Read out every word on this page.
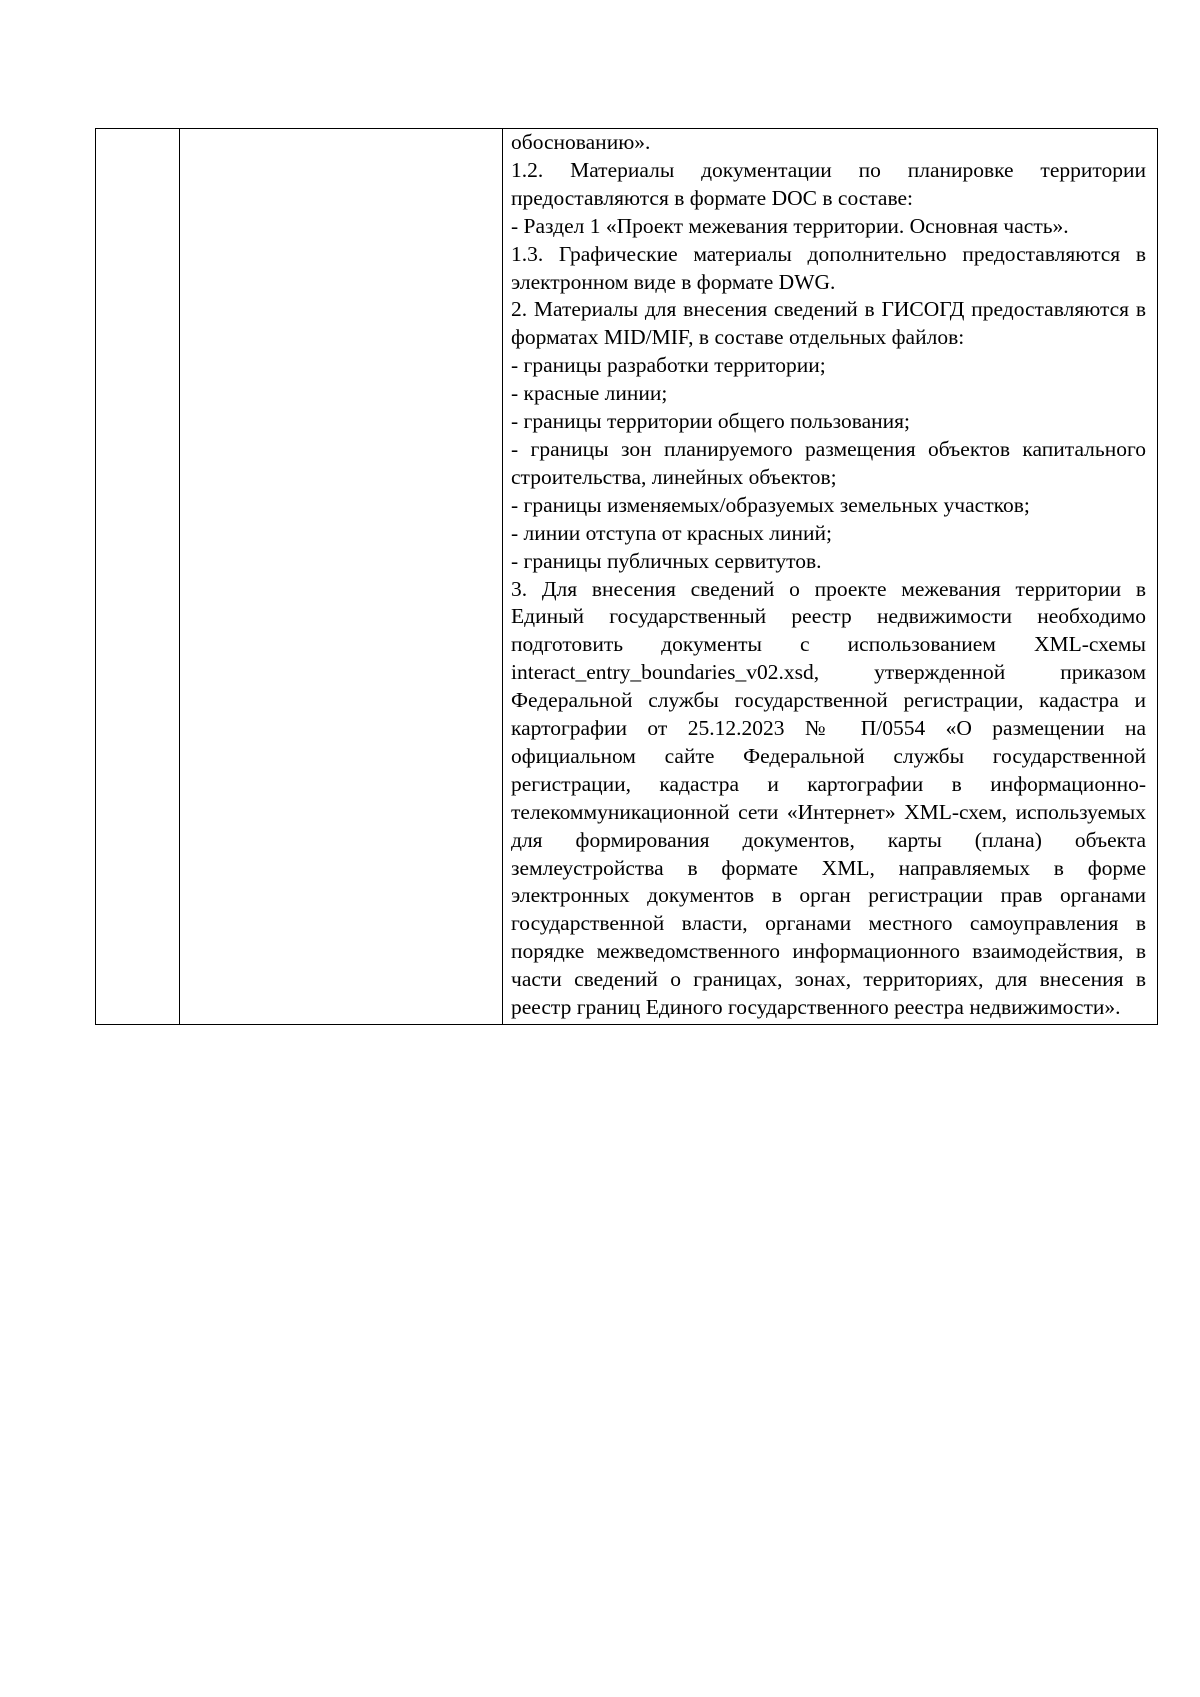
обоснованию».

1.2. Материалы документации по планировке территории предоставляются в формате DOC в составе:

- Раздел 1 «Проект межевания территории. Основная часть».

1.3. Графические материалы дополнительно предоставляются в электронном виде в формате DWG.

2. Материалы для внесения сведений в ГИСОГД предоставляются в форматах MID/MIF, в составе отдельных файлов:

- границы разработки территории;

- красные линии;

- границы территории общего пользования;

- границы зон планируемого размещения объектов капитального строительства, линейных объектов;

- границы изменяемых/образуемых земельных участков;

- линии отступа от красных линий;

- границы публичных сервитутов.

3. Для внесения сведений о проекте межевания территории в Единый государственный реестр недвижимости необходимо подготовить документы с использованием XML-схемы interact_entry_boundaries_v02.xsd, утвержденной приказом Федеральной службы государственной регистрации, кадастра и картографии от 25.12.2023 № П/0554 «О размещении на официальном сайте Федеральной службы государственной регистрации, кадастра и картографии в информационно-телекоммуникационной сети «Интернет» XML-схем, используемых для формирования документов, карты (плана) объекта землеустройства в формате XML, направляемых в форме электронных документов в орган регистрации прав органами государственной власти, органами местного самоуправления в порядке межведомственного информационного взаимодействия, в части сведений о границах, зонах, территориях, для внесения в реестр границ Единого государственного реестра недвижимости».
